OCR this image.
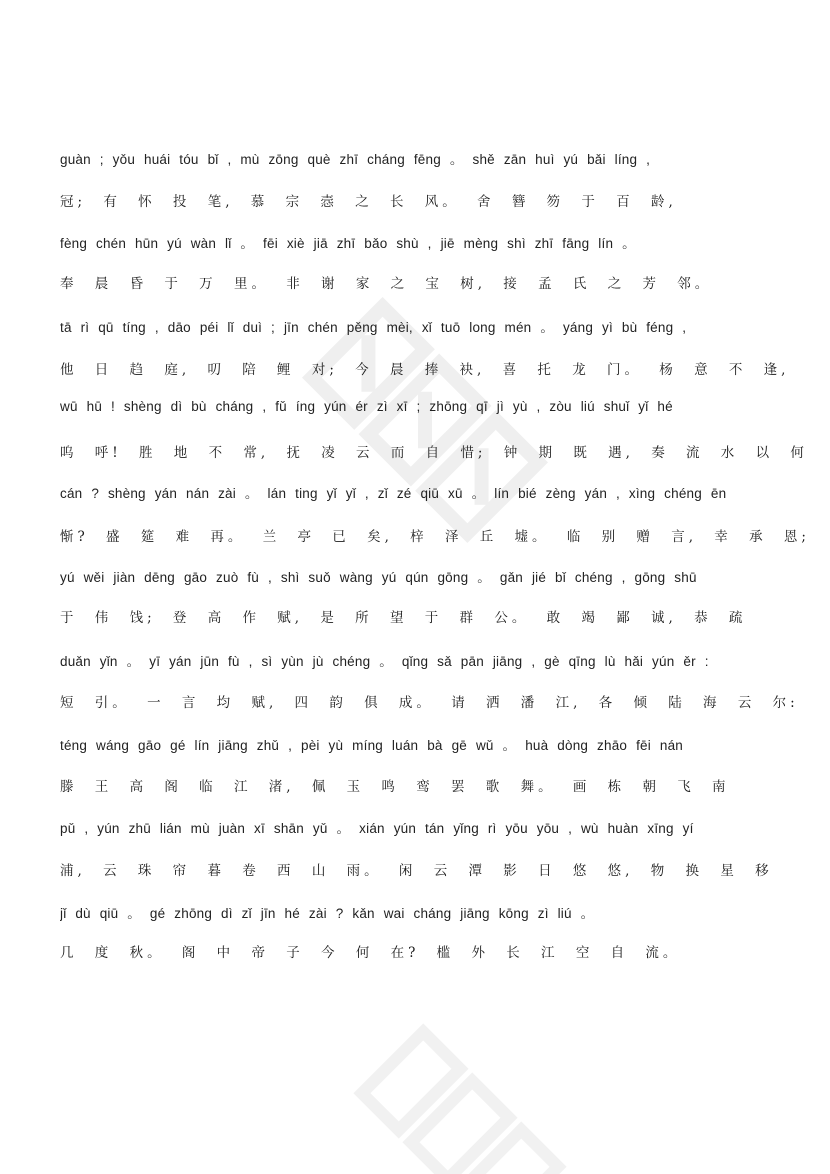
guàn ; yǒu huái tóu bǐ , mù zōng què zhī cháng fēng 。 shě zān huì yú bǎi líng ,
冠; 有 怀 投 笔, 慕 宗 悫 之 长 风。 舍 簪 笏 于 百 龄,
fèng chén hūn yú wàn lǐ 。 fēi xiè jiā zhī bǎo shù , jiē mèng shì zhī fāng lín 。
奉 晨 昏 于 万 里。 非 谢 家 之 宝 树, 接 孟 氏 之 芳 邻。
tā rì qū tíng , dāo péi lǐ duì ; jīn chén pěng mèi, xǐ tuō long mén 。 yáng yì bù féng ,
他 日 趋 庭, 叨 陪 鲤 对; 今 晨 捧 袂, 喜 托 龙 门。 杨 意 不 逢,
wū hū ! shèng dì bù cháng , fǔ íng yún ér zì xī ; zhōng qī jì yù , zòu liú shuǐ yǐ hé
呜 呼! 胜 地 不 常, 抚 凌 云 而 自 惜; 钟 期 既 遇, 奏 流 水 以 何
cán ? shèng yán nán zài 。 lán ting yǐ yǐ , zǐ zé qiū xū 。 lín bié zèng yán , xìng chéng ēn
惭? 盛 筵 难 再。 兰 亭 已 矣, 梓 泽 丘 墟。 临 别 赠 言, 幸 承 恩;
yú wěi jiàn dēng gāo zuò fù , shì suǒ wàng yú qún gōng 。 gǎn jié bǐ chéng , gōng shū
于 伟 饯; 登 高 作 赋, 是 所 望 于 群 公。 敢 竭 鄙 诚, 恭 疏
duǎn yǐn 。 yī yán jūn fù , sì yùn jù chéng 。 qǐng sǎ pān jiāng , gè qīng lù hǎi yún ěr :
短 引。 一 言 均 赋, 四 韵 俱 成。 请 洒 潘 江, 各 倾 陆 海 云 尔:
téng wáng gāo gé lín jiāng zhǔ , pèi yù míng luán bà gē wǔ 。 huà dòng zhāo fēi nán
滕 王 高 阁 临 江 渚, 佩 玉 鸣 鸾 罢 歌 舞。 画 栋 朝 飞 南
pǔ , yún zhū lián mù juàn xī shān yǔ 。 xián yún tán yǐng rì yōu yōu , wù huàn xīng yí
浦, 云 珠 帘 暮 卷 西 山 雨。 闲 云 潭 影 日 悠 悠, 物 换 星 移
jǐ dù qiū 。 gé zhōng dì zǐ jīn hé zài ? kǎn wai cháng jiāng kōng zì liú 。
几 度 秋。 阁 中 帝 子 今 何 在? 槛 外 长 江 空 自 流。
